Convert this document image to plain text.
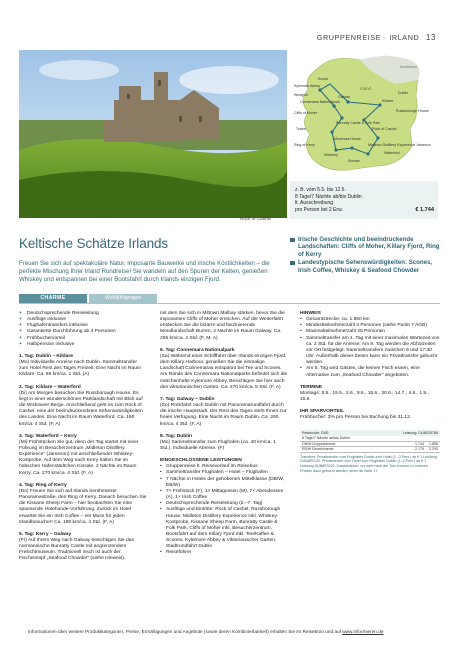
GRUPPENREISE · IRLAND 13
Rock of Cashel
Knock
Kylemore Abbey
Westport
Connemara Nationalpark
Galway
Kildare
Dublin
Cliffs of Moher
Bunratty Castle & Folk Park
Rock of Cashel
Russborough House
Tralee
Muckross House
Ring of Kerry
Killarney
Midleton Distillery Experience Jameson
Kinsale
Waterford
Nordirland
Irland
z. B. vom 5.5. bis 12.5.
8 Tage/7 Nächte ab/bis Dublin
lt. Ausschreibung
pro Person bei 2 Erw.	€ 1.744
Keltische Schätze Irlands	Irische Geschichte und beeindruckende Landschaften: Cliffs of Moher, Killary Fjord, Ring of Kerry
Landestypische Sehenswürdigkeiten: Scones, Irish Coffee, Whiskey & Seafood Chowder

Freuen Sie sich auf spektakuläre Natur, imposante Bauwerke und irische Köstlichkeiten – die perfekte Mischung Ihrer Irland Rundreise! Sie wandeln auf den Spuren der Kelten, genießen Whiskey und entspannen bei einer Bootsfahrt durch Irlands einzigen Fjord.

CHARME	Wohlfühlgruppe
+ Deutschsprechende Reiseleitung
+ Ausflüge inklusive
+ Flughafentransfers inklusive
+ Garantierte Durchführung ab 4 Personen
+ Frühbuchervorteil
+ Halbpension inklusive
1. Tag: Dublin – Kildare
(Mo) Individuelle Anreise nach Dublin. Sammeltransfer zum Hotel Rest des Tages Freizeit. Eine Nacht im Raum Kildare. Ca. 65 km/ca. 1 Std. (A)
2. Tag: Kildare – Waterford
(Di) Am Morgen besuchen Sie Russborough House. Es liegt in einer wunderschönen Parklandschaft mit Blick auf die Wicklower Berge. Anschließend geht es zum Rock of Cashel, eine der beeindruckendsten Sehenswürdigkeiten des Landes. Eine Nacht im Raum Waterford. Ca. 190 km/ca. 4 Std. (F, A)
3. Tag: Waterford – Kerry
(Mi) Frühstücken Sie gut, denn der Tag startet mit einer Führung im Besucherzentrum „Midleton Distillery Experience“ (Jameson) mit anschließender Whiskey-Kostprobe. Auf dem Weg nach Kerry halten Sie im hübschen Hafenstädtchen Kinsale. 2 Nächte im Raum Kerry. Ca. 270 km/ca. 4 Std. (F, A)
4. Tag: Ring of Kerry
(Do) Freuen Sie sich auf Irlands berühmteste Panoramastraße, den Ring of Kerry. Danach besuchen Sie die Kissane Sheep Farm – hier beobachten Sie eine spannende Hütehunde-Vorführung. Zurück im Hotel erwartet Sie ein Irish Coffee – ein Muss für jeden Irlandbesucher! Ca. 190 km/ca. 4 Std. (F, A)
5. Tag: Kerry – Galway
(Fr) Auf Ihrem Weg nach Galway besichtigen Sie das normannische Bunratty Castle mit angrenzendem Freilichtmuseum. Traditionell irisch ist auch der Fischeintopf „Seafood Chowder“ (siehe Hinweis).
mit dem Sie sich in Miltown Malbay stärken, bevor Sie die imposanten Cliffs of Moher erreichen. Auf der Weiterfahrt entdecken Sie die bizarre und faszinierende Mondlandschaft Burren. 2 Nächte im Raum Galway. Ca. 265 km/ca. 4 Std. (F, M, A)
6. Tag: Connemara Nationalpark
(Sa) Während einer Schifffahrt über Irlands einzigen Fjord, dem Killary Harbour, genießen Sie die einmalige Landschaft Connemaras entspannt bei Tee und Scones. Am Rande des Connemara Nationalparks befindet sich die märchenhafte Kylemore Abbey. Besichtigen Sie hier auch den viktorianischen Garten. Ca. 270 km/ca. 5 Std. (F, A)
7. Tag: Galway – Dublin
(So) Rückfahrt nach Dublin mit Panoramarundfahrt durch die irische Hauptstadt. Der Rest des Tages steht Ihnen zur freien Verfügung. Eine Nacht im Raum Dublin. Ca. 260 km/ca. 4 Std. (F, A)
8. Tag: Dublin
(Mo) Sammeltransfer zum Flughafen (ca. 40 km/ca. 1 Std.). Individuelle Abreise. (F)
EINGESCHLOSSENE LEISTUNGEN
• Gruppenreise lt. Reiseverlauf im Reisebus
• Sammeltransfer Flughafen – Hotel – Flughafen
• 7 Nächte in Hotels der gehobenen Mittelklasse (DB/W, EB/W)
• 7× Frühstück (F), 1× Mittagessen (M), 7× Abendessen (A), 1× Irish Coffee
• Deutschsprechende Reiseleitung (2.–7. Tag)
• Ausflüge und Eintritte: Rock of Cashel, Russborough House, Midleton Distillery Experience inkl. Whiskey-Kostprobe, Kissane Sheep Farm, Bunratty Castle & Folk Park, Cliffs of Moher inkl. Besucherzentrum, Bootsfahrt auf dem Killary Fjord inkl. Tee/Kaffee & Scones, Kylemore Abbey & Viktorianischer Garten, Stadtrundfahrt Dublin
• Reiseführer
HINWEIS
• Gesamtstrecke: ca. 1.550 km
• Mindestteilnehmerzahl 4 Personen (siehe Punkt 7 AGB)
• Maximalteilnehmerzahl 25 Personen
• Sammeltransfer am 1. Tag mit einer maximalen Wartezeit von ca. 2 Std. für die Anreise; Am 8. Tag werden die Abholzeiten vor Ort festgelegt. Sammeltransfers zwischen 9 und 17:30 Uhr. Außerhalb dieser Zeiten kann ein Privattransfer gebucht werden.
• Am 5. Tag wird Gästen, die keinen Fisch essen, eine Alternative zum „Seafood Chowder“ angeboten.
TERMINE
Montags: 5.5., 19.5., 2.6., 9.6., 16.6., 30.6., 14.7., 4.8., 1.9., 15.9.
IHR SPARVORTEIL
Frühbucher: 3% pro Person bei Buchung bis 31.12.
Reisecode: DUB	Leistung: DUB035788
8 Tage/7 Nächte ab/bis Dublin
DB/W Doppelzimmer	1.744	1.858
EB/W Einzelzimmer	2.179	2.293
Transfers: Privattransfer vom Flughafen Dublin zum Hotel (1.–3 Pers.) ab € 1 Leistung DUB8P0120. Privattransfer vom Hotel zum Flughafen Dublin (1–3 Pers.) ab € 1 Leistung DUB8P0220. Zusatznächte: vor oder nach der Tour können zu unseren Preisen dazu gebucht werden, siehe ab Seite 17.
Informationen über weitere Produktkategorien, Preise, Ermäßigungen und Angebote (sowie deren Kombinierbarkeit) erhalten Sie im Reisebüro und auf www.informieren.de
